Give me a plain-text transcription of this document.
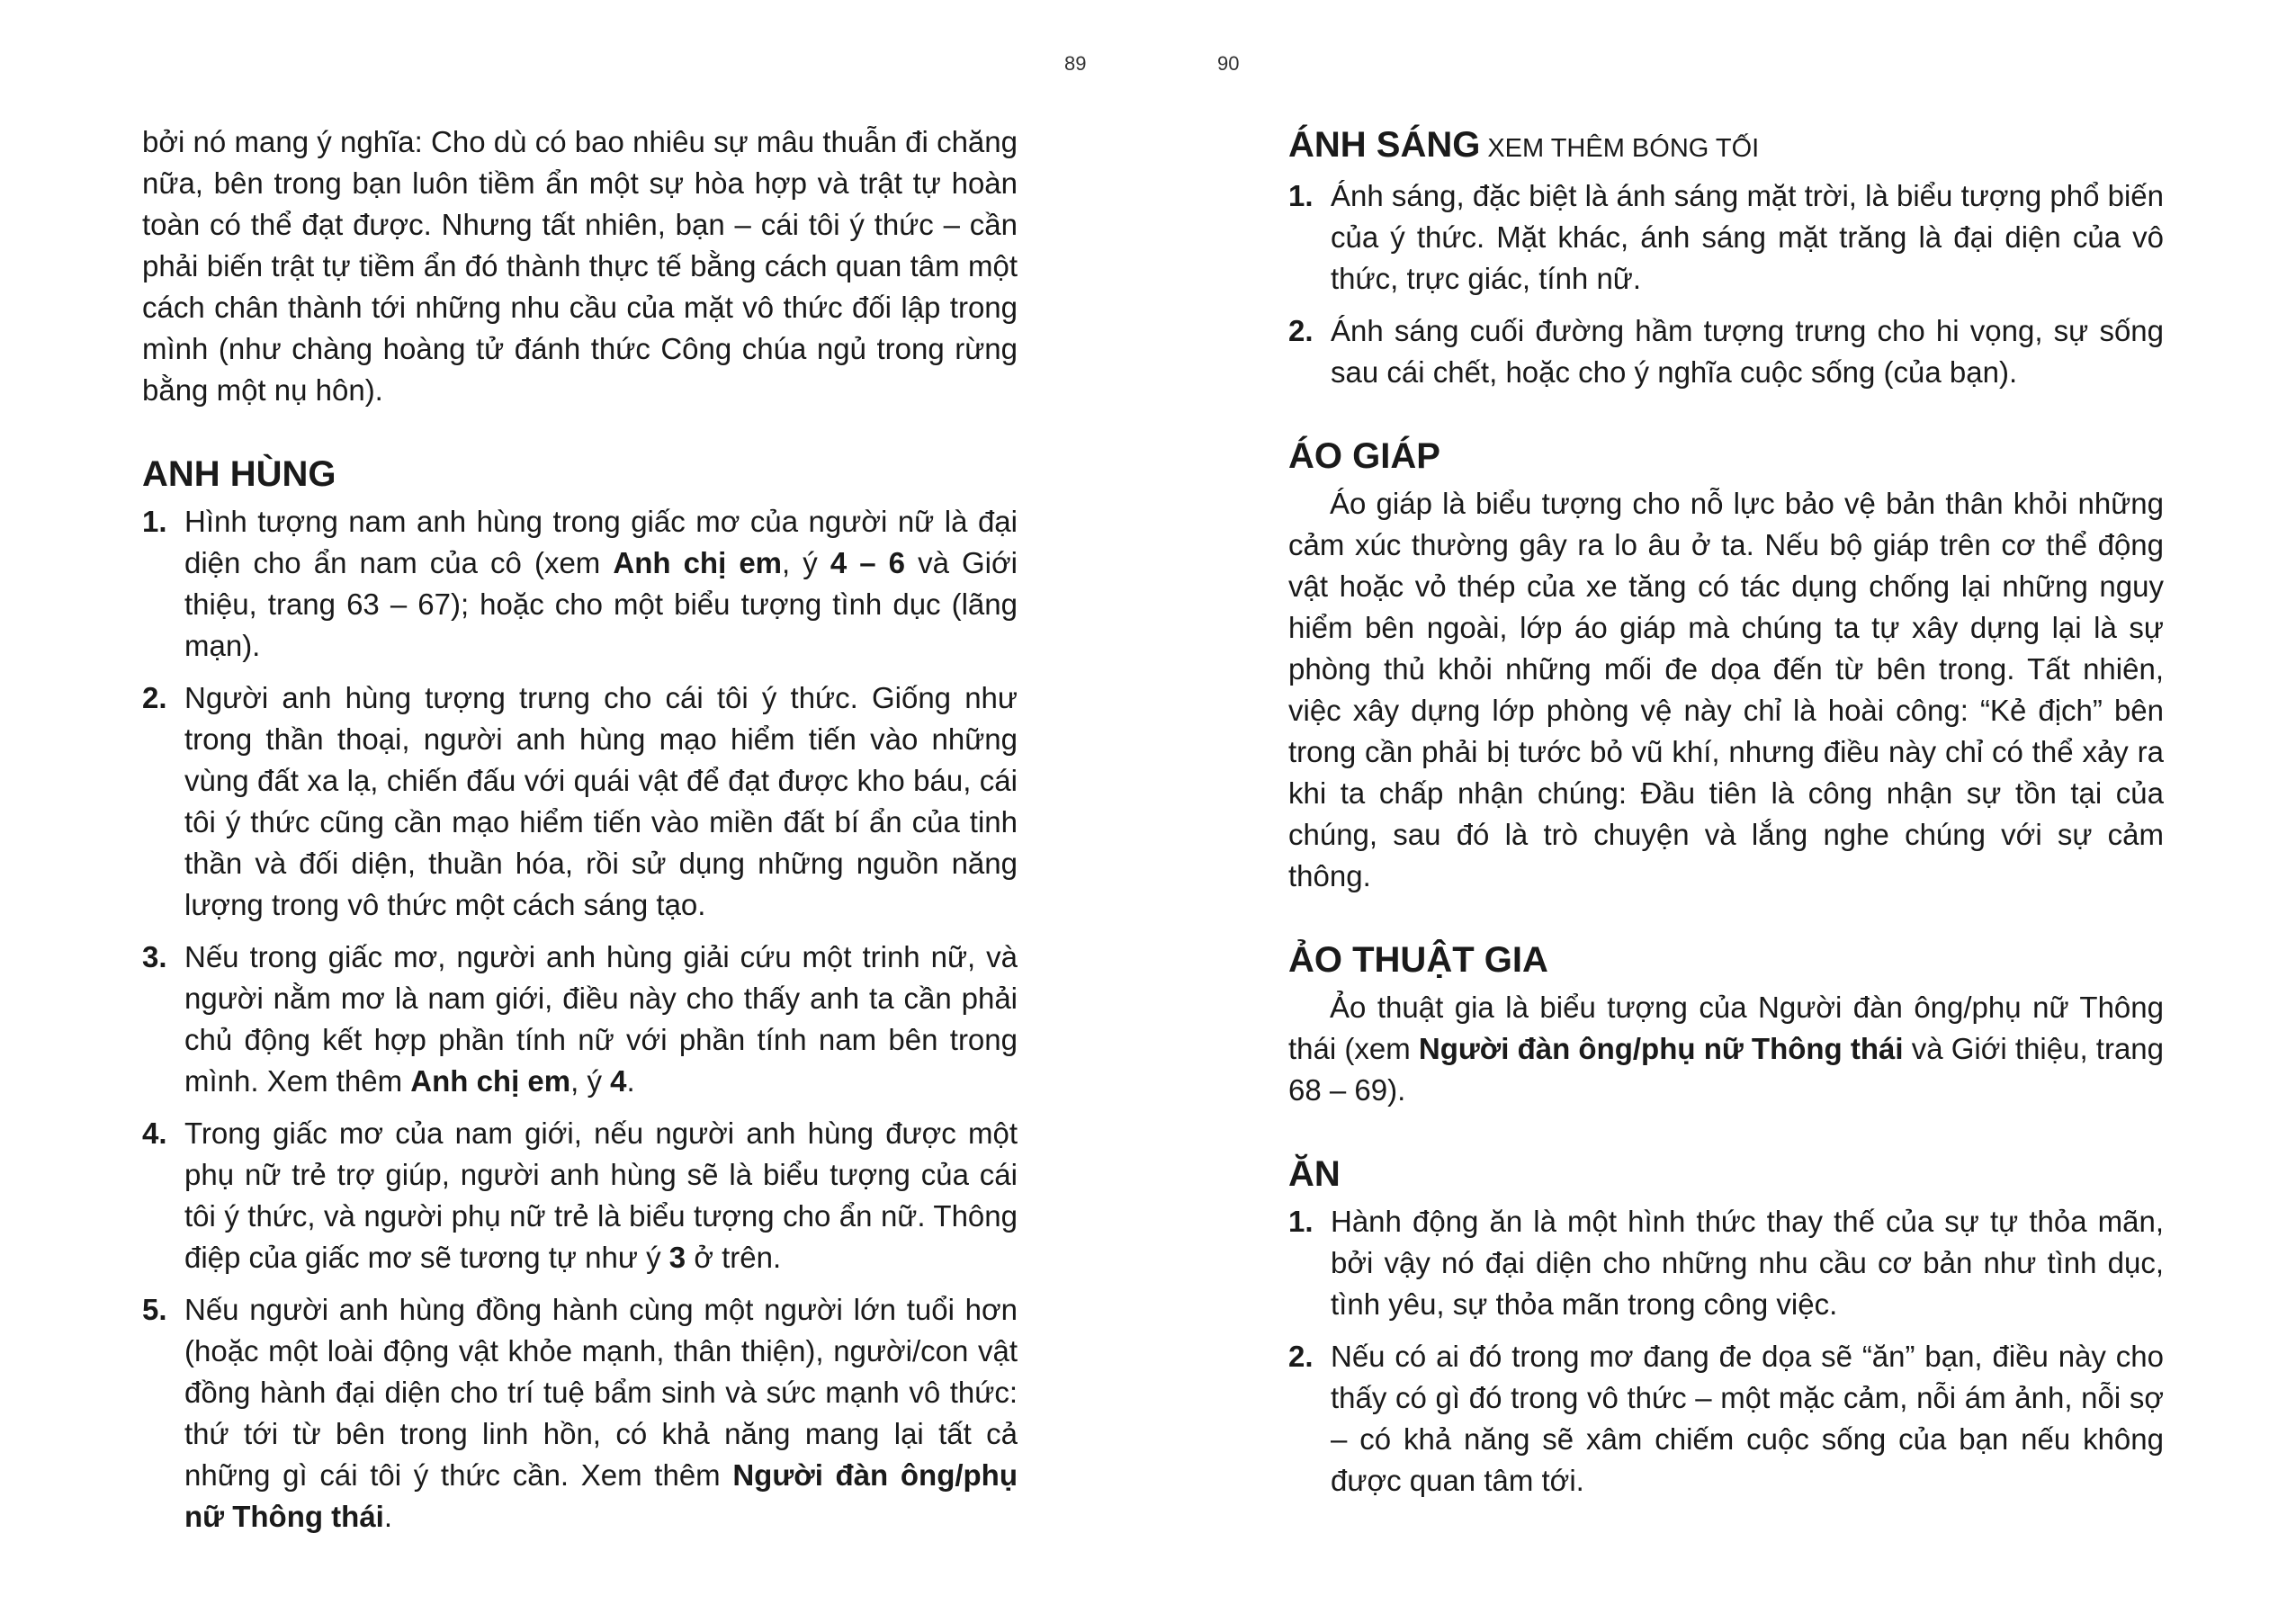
89	90

bởi nó mang ý nghĩa: Cho dù có bao nhiêu sự mâu thuẫn đi chăng nữa, bên trong bạn luôn tiềm ẩn một sự hòa hợp và trật tự hoàn toàn có thể đạt được. Nhưng tất nhiên, bạn – cái tôi ý thức – cần phải biến trật tự tiềm ẩn đó thành thực tế bằng cách quan tâm một cách chân thành tới những nhu cầu của mặt vô thức đối lập trong mình (như chàng hoàng tử đánh thức Công chúa ngủ trong rừng bằng một nụ hôn).

ANH HÙNG
1. Hình tượng nam anh hùng trong giấc mơ của người nữ là đại diện cho ẩn nam của cô (xem Anh chị em, ý 4 – 6 và Giới thiệu, trang 63 – 67); hoặc cho một biểu tượng tình dục (lãng mạn).
2. Người anh hùng tượng trưng cho cái tôi ý thức. Giống như trong thần thoại, người anh hùng mạo hiểm tiến vào những vùng đất xa lạ, chiến đấu với quái vật để đạt được kho báu, cái tôi ý thức cũng cần mạo hiểm tiến vào miền đất bí ẩn của tinh thần và đối diện, thuần hóa, rồi sử dụng những nguồn năng lượng trong vô thức một cách sáng tạo.
3. Nếu trong giấc mơ, người anh hùng giải cứu một trinh nữ, và người nằm mơ là nam giới, điều này cho thấy anh ta cần phải chủ động kết hợp phần tính nữ với phần tính nam bên trong mình. Xem thêm Anh chị em, ý 4.
4. Trong giấc mơ của nam giới, nếu người anh hùng được một phụ nữ trẻ trợ giúp, người anh hùng sẽ là biểu tượng của cái tôi ý thức, và người phụ nữ trẻ là biểu tượng cho ẩn nữ. Thông điệp của giấc mơ sẽ tương tự như ý 3 ở trên.
5. Nếu người anh hùng đồng hành cùng một người lớn tuổi hơn (hoặc một loài động vật khỏe mạnh, thân thiện), người/con vật đồng hành đại diện cho trí tuệ bẩm sinh và sức mạnh vô thức: thứ tới từ bên trong linh hồn, có khả năng mang lại tất cả những gì cái tôi ý thức cần. Xem thêm Người đàn ông/phụ nữ Thông thái.
ÁNH SÁNG XEM THÊM BÓNG TỐI
1. Ánh sáng, đặc biệt là ánh sáng mặt trời, là biểu tượng phổ biến của ý thức. Mặt khác, ánh sáng mặt trăng là đại diện của vô thức, trực giác, tính nữ.
2. Ánh sáng cuối đường hầm tượng trưng cho hi vọng, sự sống sau cái chết, hoặc cho ý nghĩa cuộc sống (của bạn).
ÁO GIÁP

Áo giáp là biểu tượng cho nỗ lực bảo vệ bản thân khỏi những cảm xúc thường gây ra lo âu ở ta. Nếu bộ giáp trên cơ thể động vật hoặc vỏ thép của xe tăng có tác dụng chống lại những nguy hiểm bên ngoài, lớp áo giáp mà chúng ta tự xây dựng lại là sự phòng thủ khỏi những mối đe dọa đến từ bên trong. Tất nhiên, việc xây dựng lớp phòng vệ này chỉ là hoài công: “Kẻ địch” bên trong cần phải bị tước bỏ vũ khí, nhưng điều này chỉ có thể xảy ra khi ta chấp nhận chúng: Đầu tiên là công nhận sự tồn tại của chúng, sau đó là trò chuyện và lắng nghe chúng với sự cảm thông.

ẢO THUẬT GIA

Ảo thuật gia là biểu tượng của Người đàn ông/phụ nữ Thông thái (xem Người đàn ông/phụ nữ Thông thái và Giới thiệu, trang 68 – 69).

ĂN
1. Hành động ăn là một hình thức thay thế của sự tự thỏa mãn, bởi vậy nó đại diện cho những nhu cầu cơ bản như tình dục, tình yêu, sự thỏa mãn trong công việc.
2. Nếu có ai đó trong mơ đang đe dọa sẽ “ăn” bạn, điều này cho thấy có gì đó trong vô thức – một mặc cảm, nỗi ám ảnh, nỗi sợ – có khả năng sẽ xâm chiếm cuộc sống của bạn nếu không được quan tâm tới.
